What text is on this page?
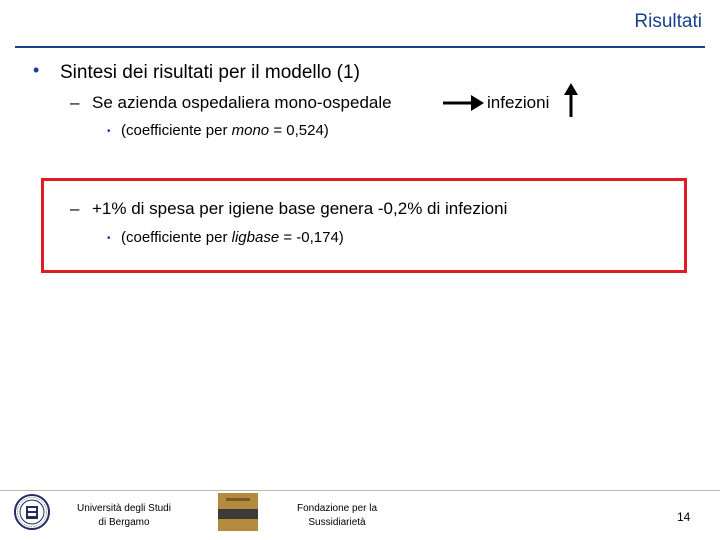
Risultati
• Sintesi dei risultati per il modello (1)
– Se azienda ospedaliera mono-ospedale	infezioni
• (coefficiente per mono = 0,524)
– +1% di spesa per igiene base genera -0,2% di infezioni
• (coefficiente per ligbase = -0,174)
Università degli Studi
di Bergamo
Fondazione per la
Sussidiarietà	14
